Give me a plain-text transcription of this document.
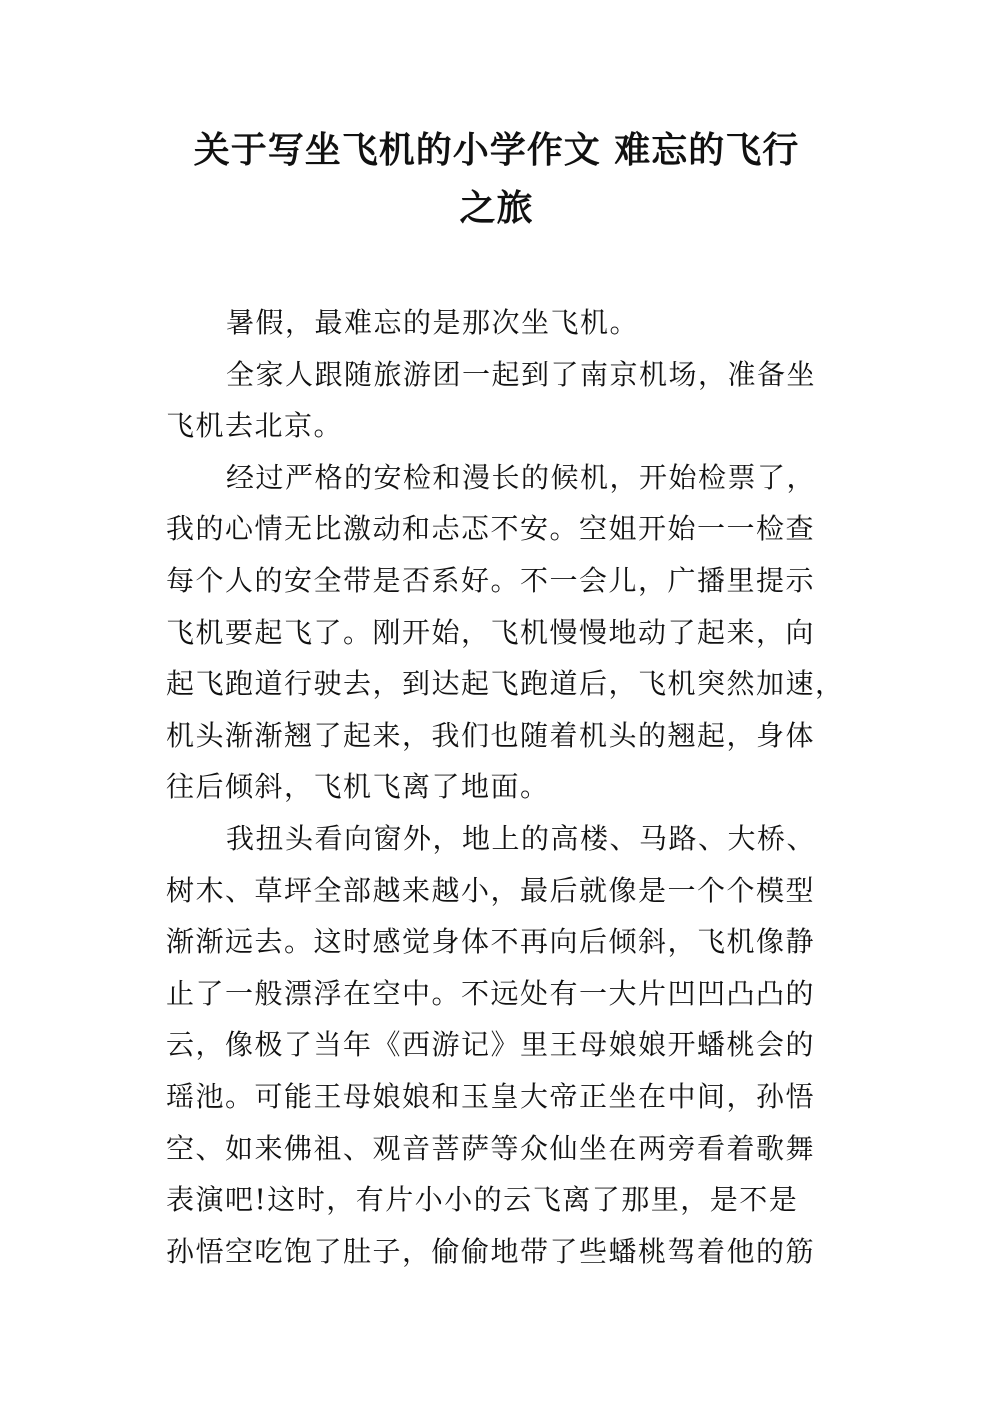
关于写坐飞机的小学作文 难忘的飞行
之旅
暑假，最难忘的是那次坐飞机。
全家人跟随旅游团一起到了南京机场，准备坐
飞机去北京。
经过严格的安检和漫长的候机，开始检票了，
我的心情无比激动和忐忑不安。空姐开始一一检查
每个人的安全带是否系好。不一会儿，广播里提示
飞机要起飞了。刚开始，飞机慢慢地动了起来，向
起飞跑道行驶去，到达起飞跑道后，飞机突然加速，
机头渐渐翘了起来，我们也随着机头的翘起，身体
往后倾斜，飞机飞离了地面。
我扭头看向窗外，地上的高楼、马路、大桥、
树木、草坪全部越来越小，最后就像是一个个模型
渐渐远去。这时感觉身体不再向后倾斜，飞机像静
止了一般漂浮在空中。不远处有一大片凹凹凸凸的
云，像极了当年《西游记》里王母娘娘开蟠桃会的
瑶池。可能王母娘娘和玉皇大帝正坐在中间，孙悟
空、如来佛祖、观音菩萨等众仙坐在两旁看着歌舞
表演吧!这时，有片小小的云飞离了那里，是不是
孙悟空吃饱了肚子，偷偷地带了些蟠桃驾着他的筋
